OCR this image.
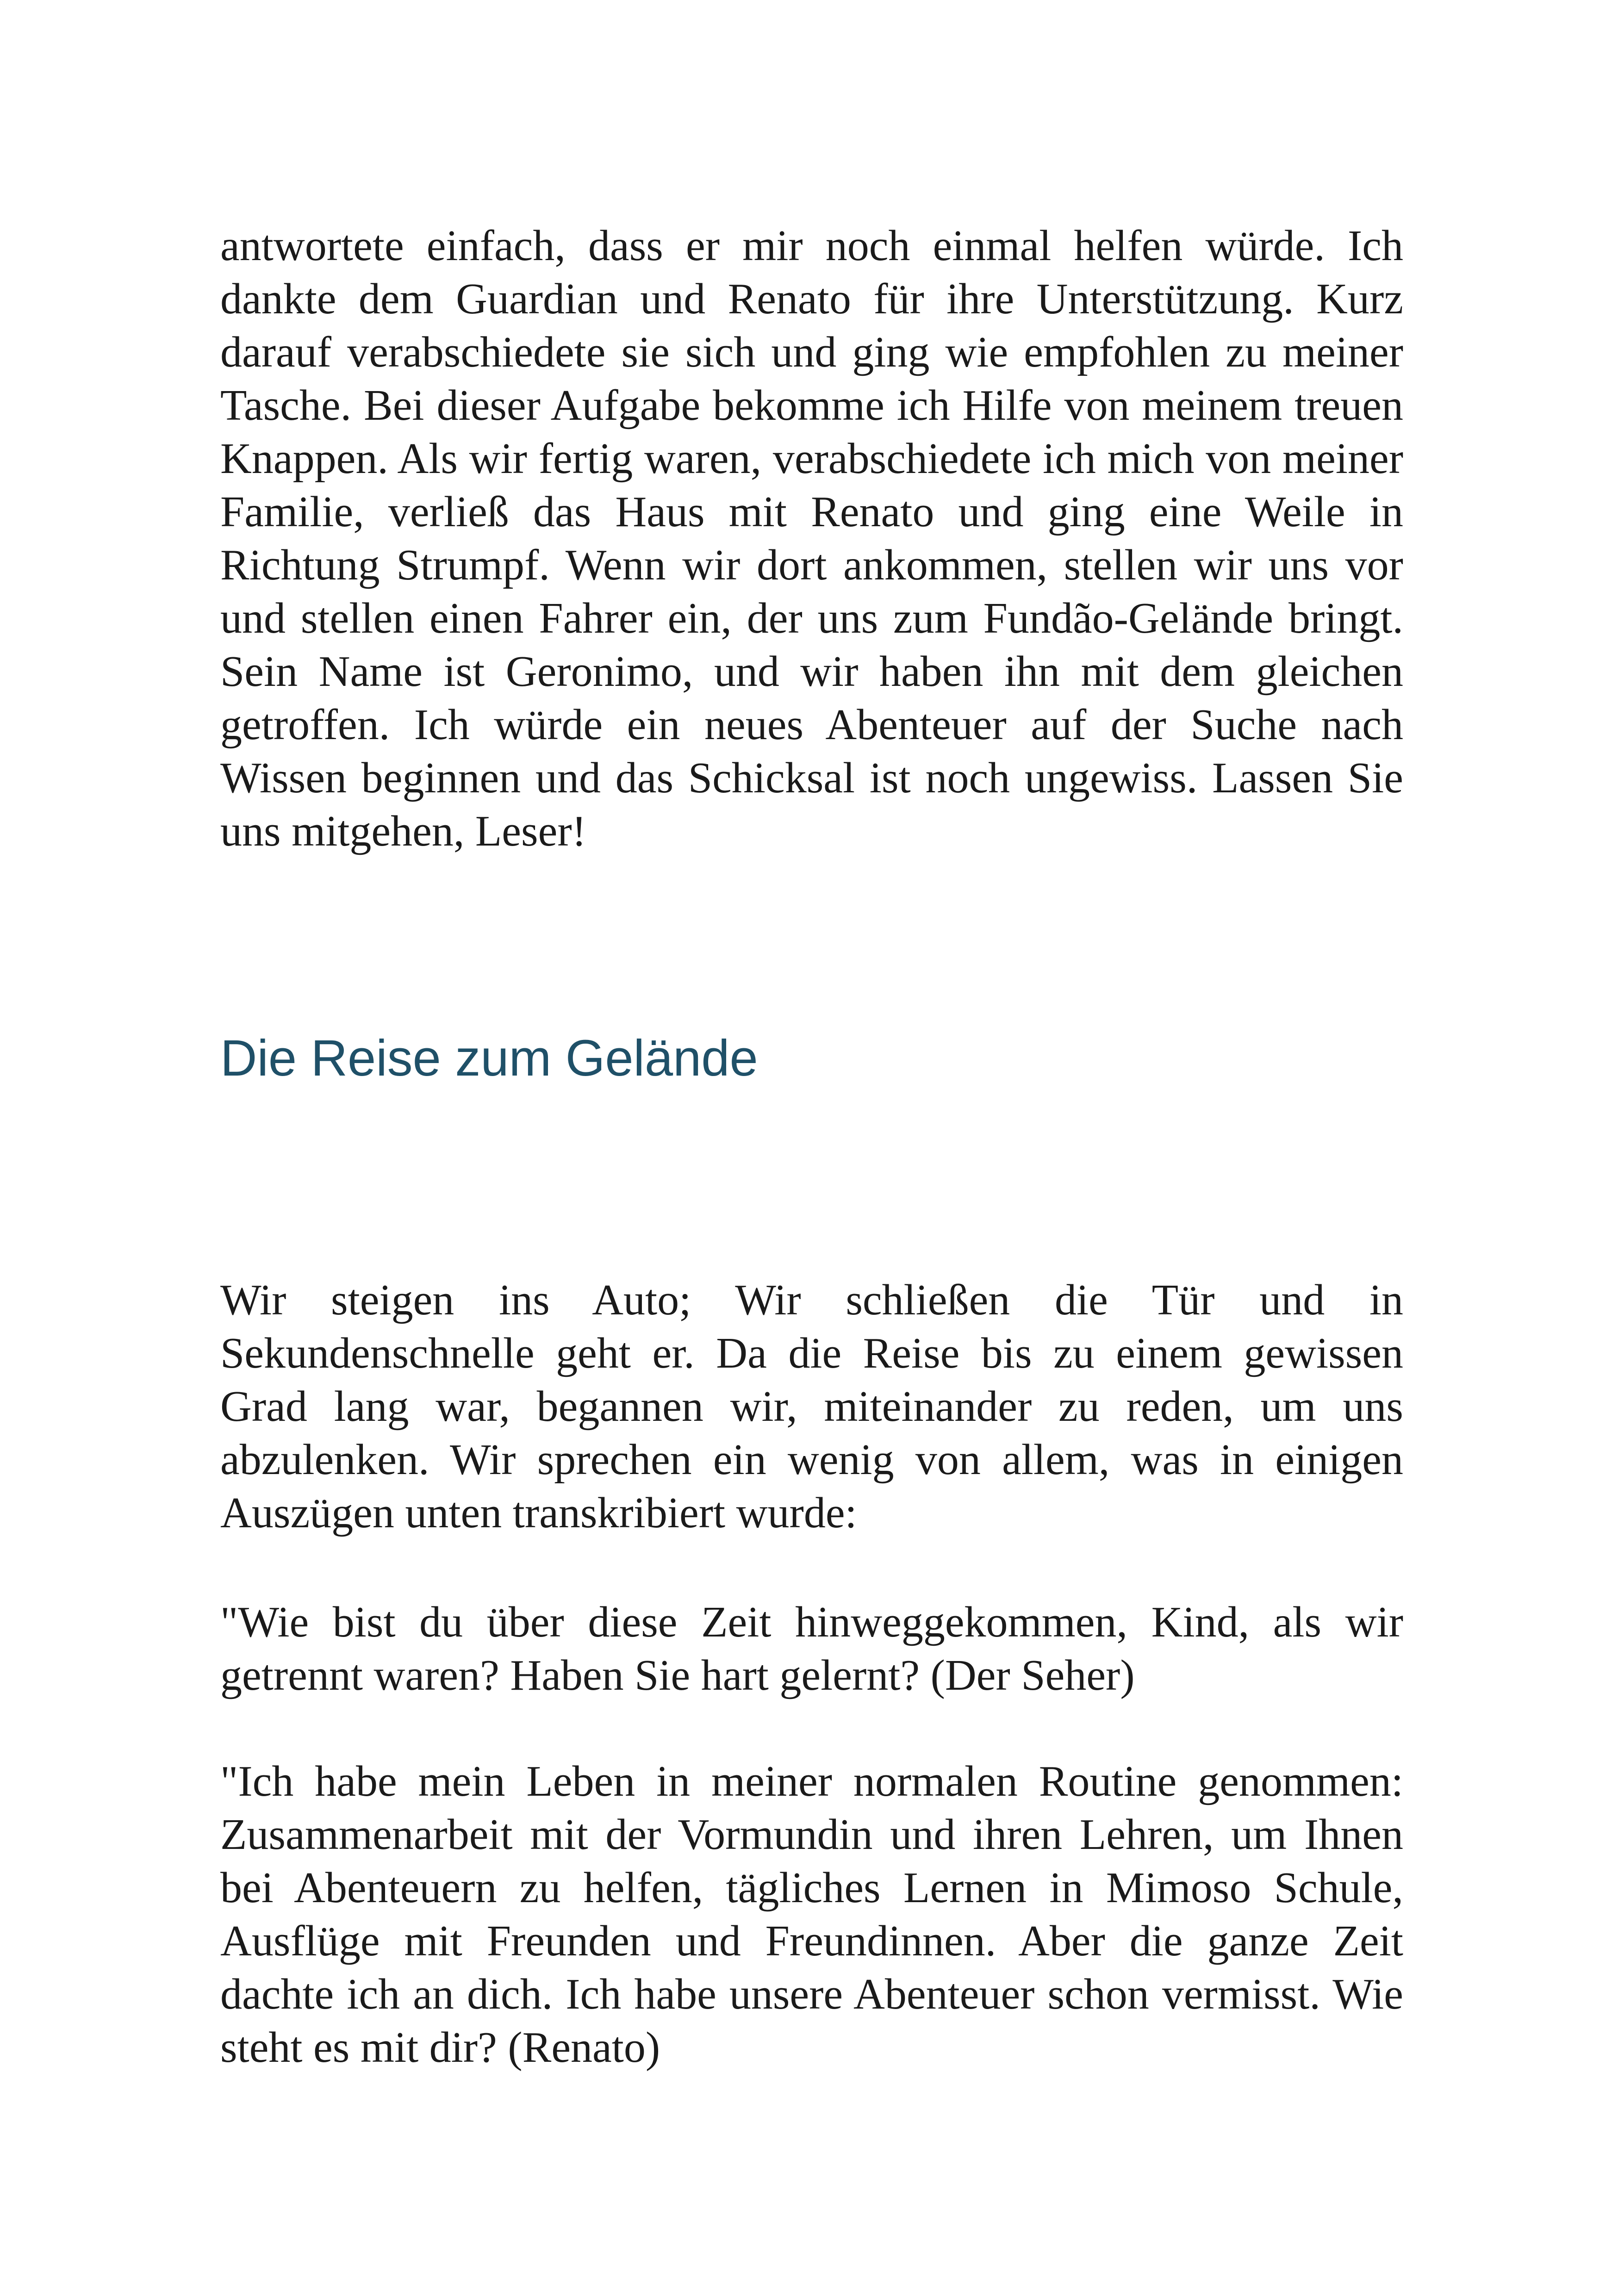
antwortete einfach, dass er mir noch einmal helfen würde. Ich dankte dem Guardian und Renato für ihre Unterstützung. Kurz darauf verabschiedete sie sich und ging wie empfohlen zu meiner Tasche. Bei dieser Aufgabe bekomme ich Hilfe von meinem treuen Knappen. Als wir fertig waren, verabschiedete ich mich von meiner Familie, verließ das Haus mit Renato und ging eine Weile in Richtung Strumpf. Wenn wir dort ankommen, stellen wir uns vor und stellen einen Fahrer ein, der uns zum Fundão-Gelände bringt. Sein Name ist Geronimo, und wir haben ihn mit dem gleichen getroffen. Ich würde ein neues Abenteuer auf der Suche nach Wissen beginnen und das Schicksal ist noch ungewiss. Lassen Sie uns mitgehen, Leser!

Die Reise zum Gelände

Wir steigen ins Auto; Wir schließen die Tür und in Sekundenschnelle geht er. Da die Reise bis zu einem gewissen Grad lang war, begannen wir, miteinander zu reden, um uns abzulenken. Wir sprechen ein wenig von allem, was in einigen Auszügen unten transkribiert wurde:

"Wie bist du über diese Zeit hinweggekommen, Kind, als wir getrennt waren? Haben Sie hart gelernt? (Der Seher)

"Ich habe mein Leben in meiner normalen Routine genommen: Zusammenarbeit mit der Vormundin und ihren Lehren, um Ihnen bei Abenteuern zu helfen, tägliches Lernen in Mimoso Schule, Ausflüge mit Freunden und Freundinnen. Aber die ganze Zeit dachte ich an dich. Ich habe unsere Abenteuer schon vermisst. Wie steht es mit dir? (Renato)
